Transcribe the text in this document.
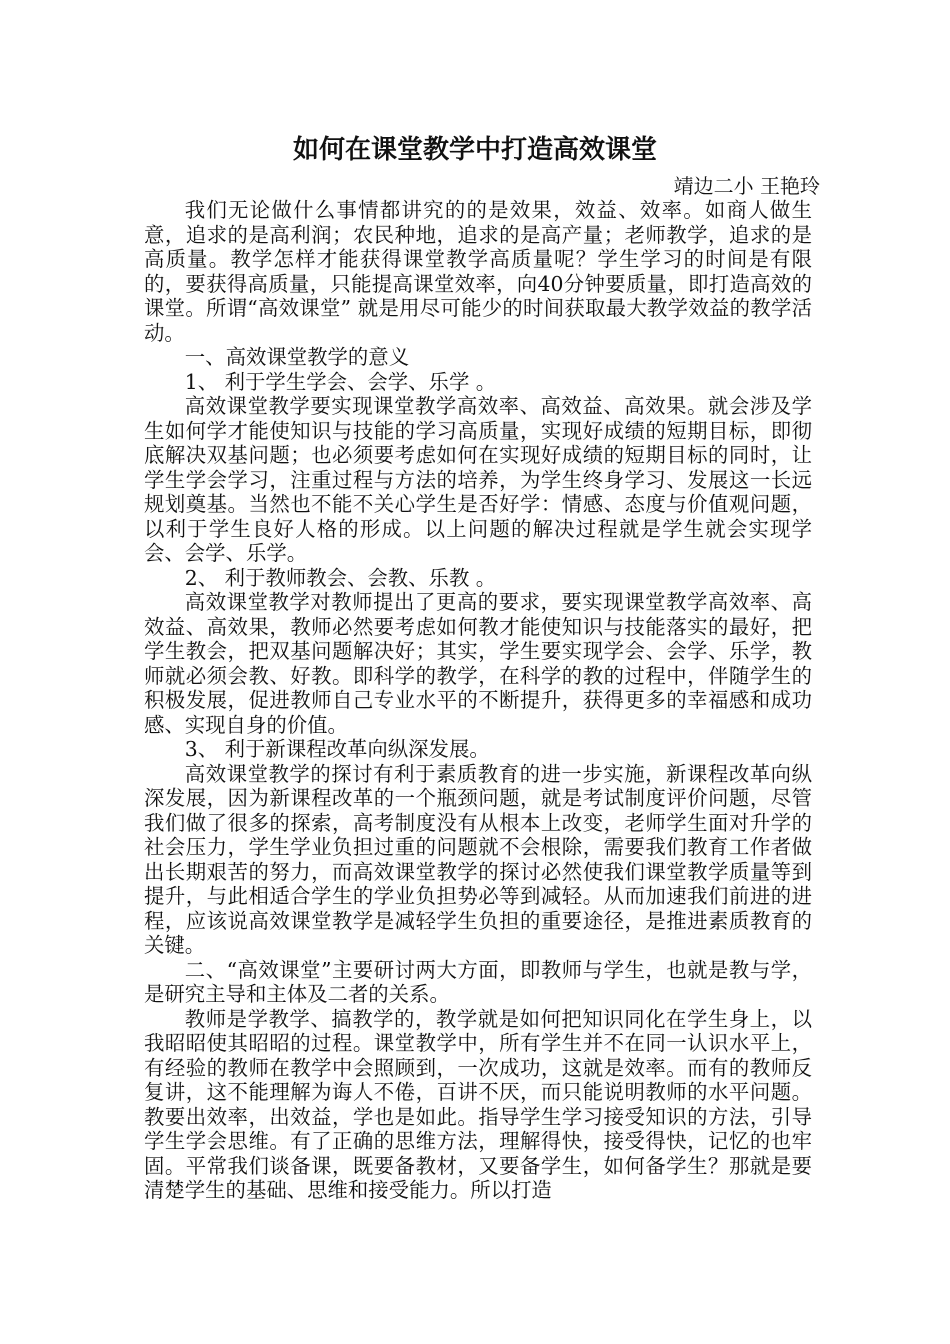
如何在课堂教学中打造高效课堂
靖边二小 王艳玲

我们无论做什么事情都讲究的的是效果，效益、效率。如商人做生意，追求的是高利润；农民种地，追求的是高产量；老师教学，追求的是高质量。教学怎样才能获得课堂教学高质量呢？学生学习的时间是有限的，要获得高质量，只能提高课堂效率，向40分钟要质量，即打造高效的课堂。所谓“高效课堂” 就是用尽可能少的时间获取最大教学效益的教学活动。

一、高效课堂教学的意义

1、 利于学生学会、会学、乐学 。

高效课堂教学要实现课堂教学高效率、高效益、高效果。就会涉及学生如何学才能使知识与技能的学习高质量，实现好成绩的短期目标，即彻底解决双基问题；也必须要考虑如何在实现好成绩的短期目标的同时，让学生学会学习，注重过程与方法的培养，为学生终身学习、发展这一长远规划奠基。当然也不能不关心学生是否好学：情感、态度与价值观问题，以利于学生良好人格的形成。以上问题的解决过程就是学生就会实现学会、会学、乐学。

2、 利于教师教会、会教、乐教 。

高效课堂教学对教师提出了更高的要求，要实现课堂教学高效率、高效益、高效果，教师必然要考虑如何教才能使知识与技能落实的最好，把学生教会，把双基问题解决好；其实，学生要实现学会、会学、乐学，教师就必须会教、好教。即科学的教学，在科学的教的过程中，伴随学生的积极发展，促进教师自己专业水平的不断提升，获得更多的幸福感和成功感、实现自身的价值。

3、 利于新课程改革向纵深发展。

高效课堂教学的探讨有利于素质教育的进一步实施，新课程改革向纵深发展，因为新课程改革的一个瓶颈问题，就是考试制度评价问题，尽管我们做了很多的探索，高考制度没有从根本上改变，老师学生面对升学的社会压力，学生学业负担过重的问题就不会根除，需要我们教育工作者做出长期艰苦的努力，而高效课堂教学的探讨必然使我们课堂教学质量等到提升，与此相适合学生的学业负担势必等到减轻。从而加速我们前进的进程，应该说高效课堂教学是减轻学生负担的重要途径，是推进素质教育的关键。

二、“高效课堂”主要研讨两大方面，即教师与学生，也就是教与学，是研究主导和主体及二者的关系。

教师是学教学、搞教学的，教学就是如何把知识同化在学生身上，以我昭昭使其昭昭的过程。课堂教学中，所有学生并不在同一认识水平上，有经验的教师在教学中会照顾到，一次成功，这就是效率。而有的教师反复讲，这不能理解为诲人不倦，百讲不厌，而只能说明教师的水平问题。教要出效率，出效益，学也是如此。指导学生学习接受知识的方法，引导学生学会思维。有了正确的思维方法，理解得快，接受得快，记忆的也牢固。平常我们谈备课，既要备教材，又要备学生，如何备学生？那就是要清楚学生的基础、思维和接受能力。所以打造
